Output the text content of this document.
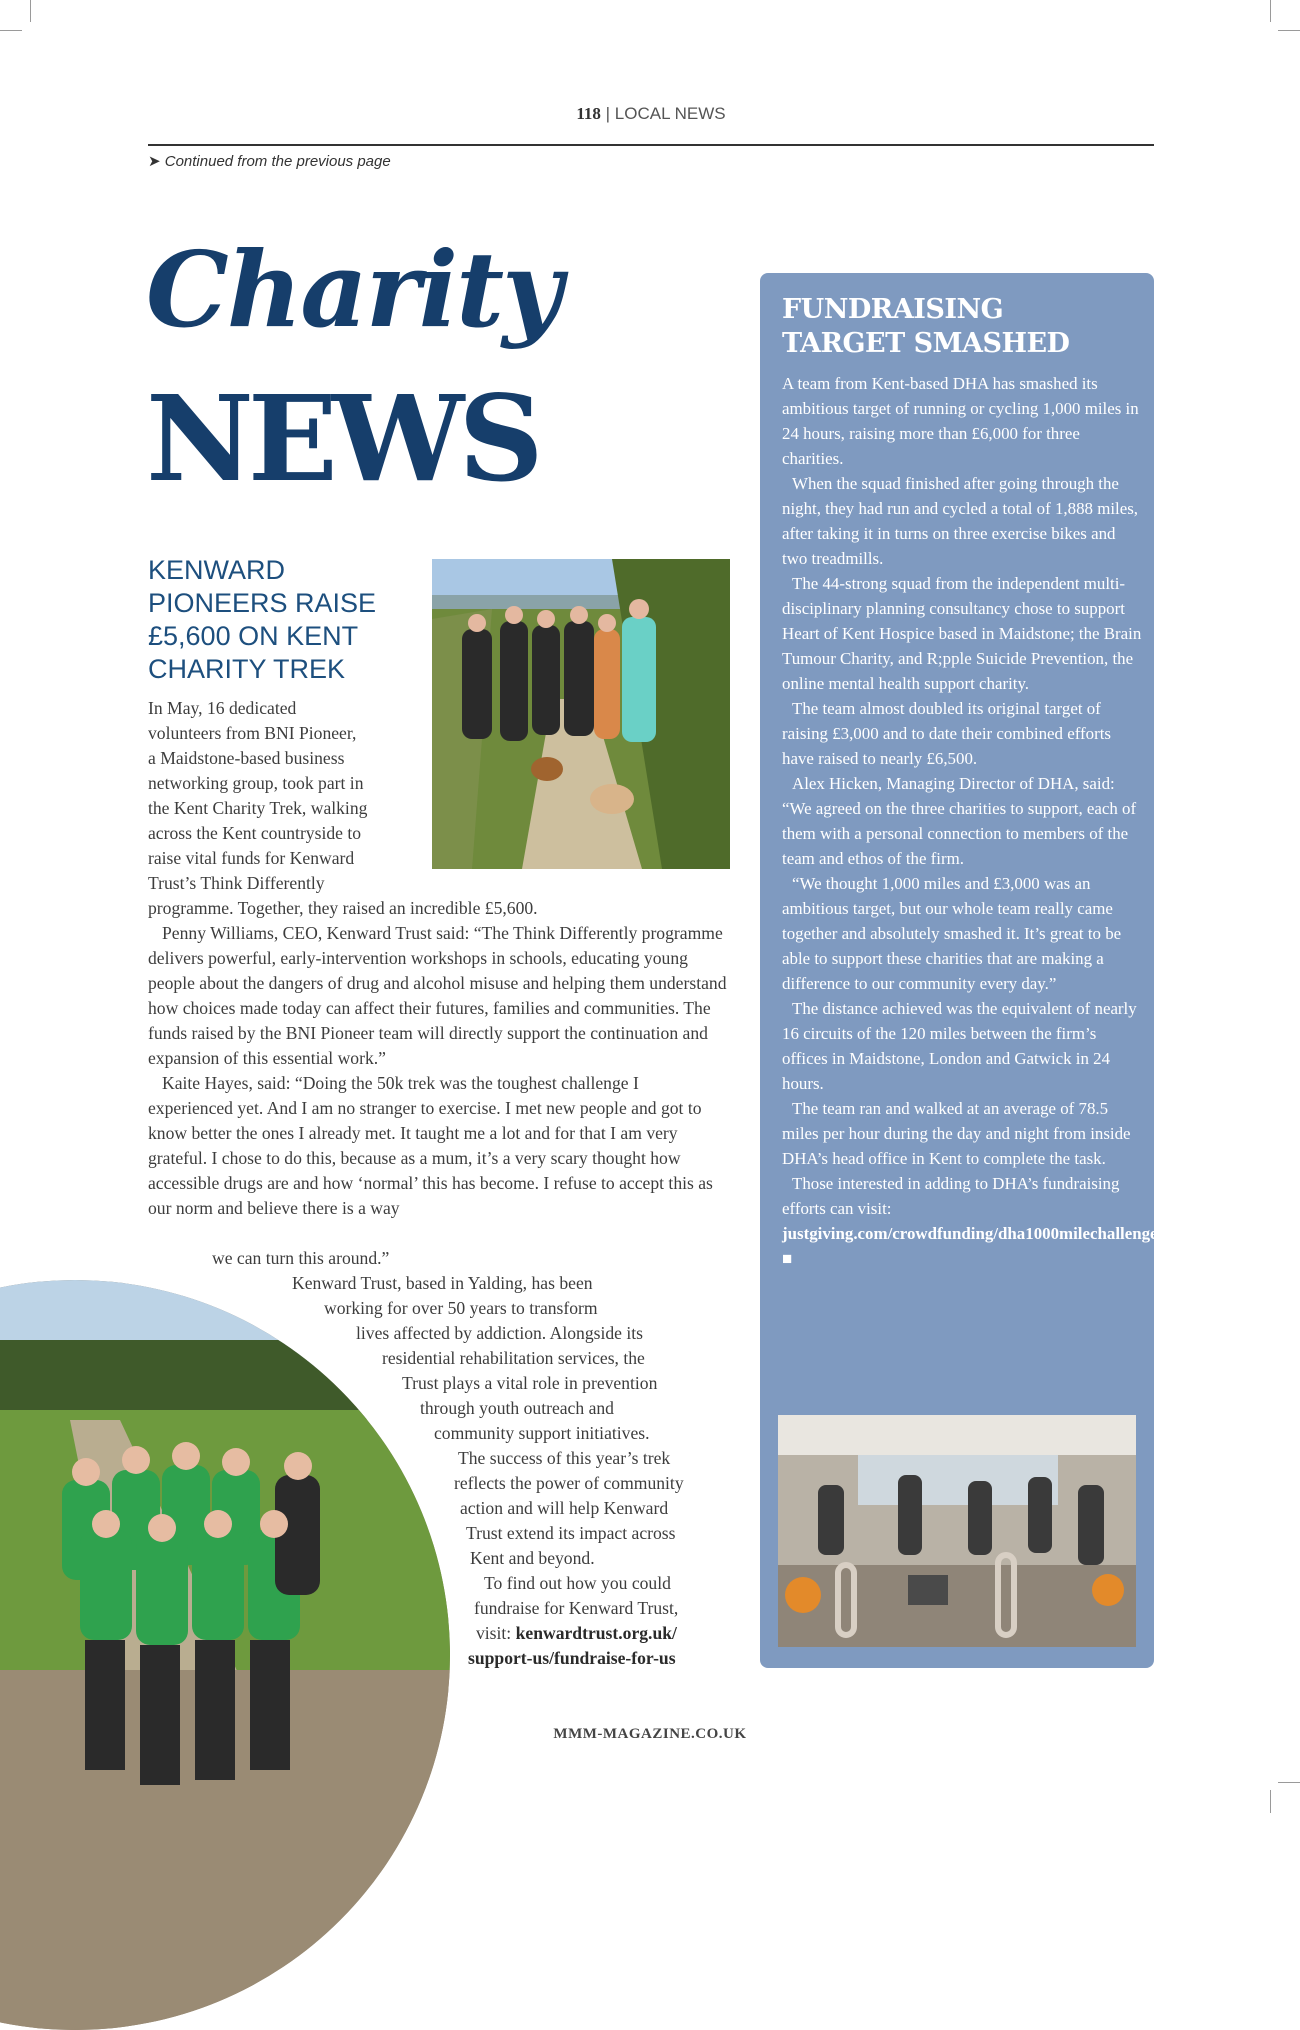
118 | LOCAL NEWS
➤ Continued from the previous page
Charity
NEWS
KENWARD PIONEERS RAISE £5,600 ON KENT CHARITY TREK
In May, 16 dedicated
volunteers from BNI Pioneer,
a Maidstone-based business
networking group, took part in
the Kent Charity Trek, walking
across the Kent countryside to
raise vital funds for Kenward
Trust’s Think Differently

programme. Together, they raised an incredible £5,600.

Penny Williams, CEO, Kenward Trust said: “The Think Differently programme delivers powerful, early-intervention workshops in schools, educating young people about the dangers of drug and alcohol misuse and helping them understand how choices made today can affect their futures, families and communities. The funds raised by the BNI Pioneer team will directly support the continuation and expansion of this essential work.”

Kaite Hayes, said: “Doing the 50k trek was the toughest challenge I experienced yet. And I am no stranger to exercise. I met new people and got to know better the ones I already met. It taught me a lot and for that I am very grateful. I chose to do this, because as a mum, it’s a very scary thought how accessible drugs are and how ‘normal’ this has become. I refuse to accept this as our norm and believe there is a way

we can turn this around.”
Kenward Trust, based in Yalding, has been
working for over 50 years to transform
lives affected by addiction. Alongside its
residential rehabilitation services, the
Trust plays a vital role in prevention
through youth outreach and
community support initiatives.
The success of this year’s trek
reflects the power of community
action and will help Kenward
Trust extend its impact across
Kent and beyond.
To find out how you could
fundraise for Kenward Trust,
visit: kenwardtrust.org.uk/
support-us/fundraise-for-us
FUNDRAISING
TARGET SMASHED

A team from Kent-based DHA has smashed its ambitious target of running or cycling 1,000 miles in 24 hours, raising more than £6,000 for three charities.

When the squad finished after going through the night, they had run and cycled a total of 1,888 miles, after taking it in turns on three exercise bikes and two treadmills.

The 44-strong squad from the independent multi-disciplinary planning consultancy chose to support Heart of Kent Hospice based in Maidstone; the Brain Tumour Charity, and R;pple Suicide Prevention, the online mental health support charity.

The team almost doubled its original target of raising £3,000 and to date their combined efforts have raised to nearly £6,500.

Alex Hicken, Managing Director of DHA, said: “We agreed on the three charities to support, each of them with a personal connection to members of the team and ethos of the firm.

“We thought 1,000 miles and £3,000 was an ambitious target, but our whole team really came together and absolutely smashed it. It’s great to be able to support these charities that are making a difference to our community every day.”

The distance achieved was the equivalent of nearly 16 circuits of the 120 miles between the firm’s offices in Maidstone, London and Gatwick in 24 hours.

The team ran and walked at an average of 78.5 miles per hour during the day and night from inside DHA’s head office in Kent to complete the task.

Those interested in adding to DHA’s fundraising efforts can visit: justgiving.com/crowdfunding/dha1000milechallenge ■

MMM-MAGAZINE.CO.UK
